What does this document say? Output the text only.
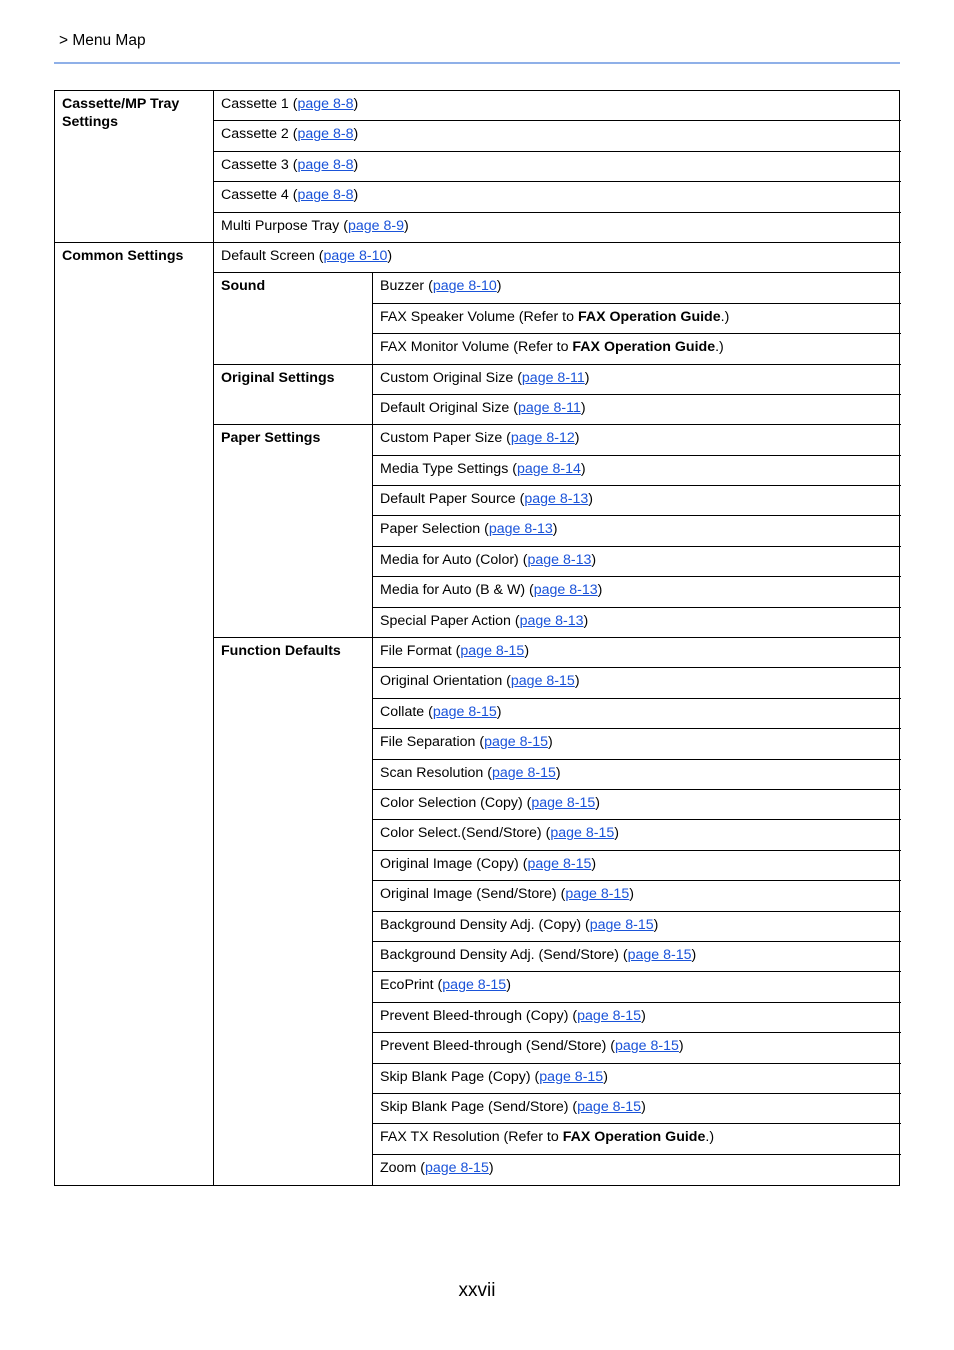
> Menu Map
Cassette/MP Tray Settings
Common Settings
Sound
Original Settings
Paper Settings
Function Defaults
Cassette 1 (page 8-8)
Cassette 2 (page 8-8)
Cassette 3 (page 8-8)
Cassette 4 (page 8-8)
Multi Purpose Tray (page 8-9)
Default Screen (page 8-10)
Buzzer (page 8-10)
FAX Speaker Volume (Refer to FAX Operation Guide.)
FAX Monitor Volume (Refer to FAX Operation Guide.)
Custom Original Size (page 8-11)
Default Original Size (page 8-11)
Custom Paper Size (page 8-12)
Media Type Settings (page 8-14)
Default Paper Source (page 8-13)
Paper Selection (page 8-13)
Media for Auto (Color) (page 8-13)
Media for Auto (B & W) (page 8-13)
Special Paper Action (page 8-13)
File Format (page 8-15)
Original Orientation (page 8-15)
Collate (page 8-15)
File Separation (page 8-15)
Scan Resolution (page 8-15)
Color Selection (Copy) (page 8-15)
Color Select.(Send/Store) (page 8-15)
Original Image (Copy) (page 8-15)
Original Image (Send/Store) (page 8-15)
Background Density Adj. (Copy) (page 8-15)
Background Density Adj. (Send/Store) (page 8-15)
EcoPrint (page 8-15)
Prevent Bleed-through (Copy) (page 8-15)
Prevent Bleed-through (Send/Store) (page 8-15)
Skip Blank Page (Copy) (page 8-15)
Skip Blank Page (Send/Store) (page 8-15)
FAX TX Resolution (Refer to FAX Operation Guide.)
Zoom (page 8-15)
xxvii
